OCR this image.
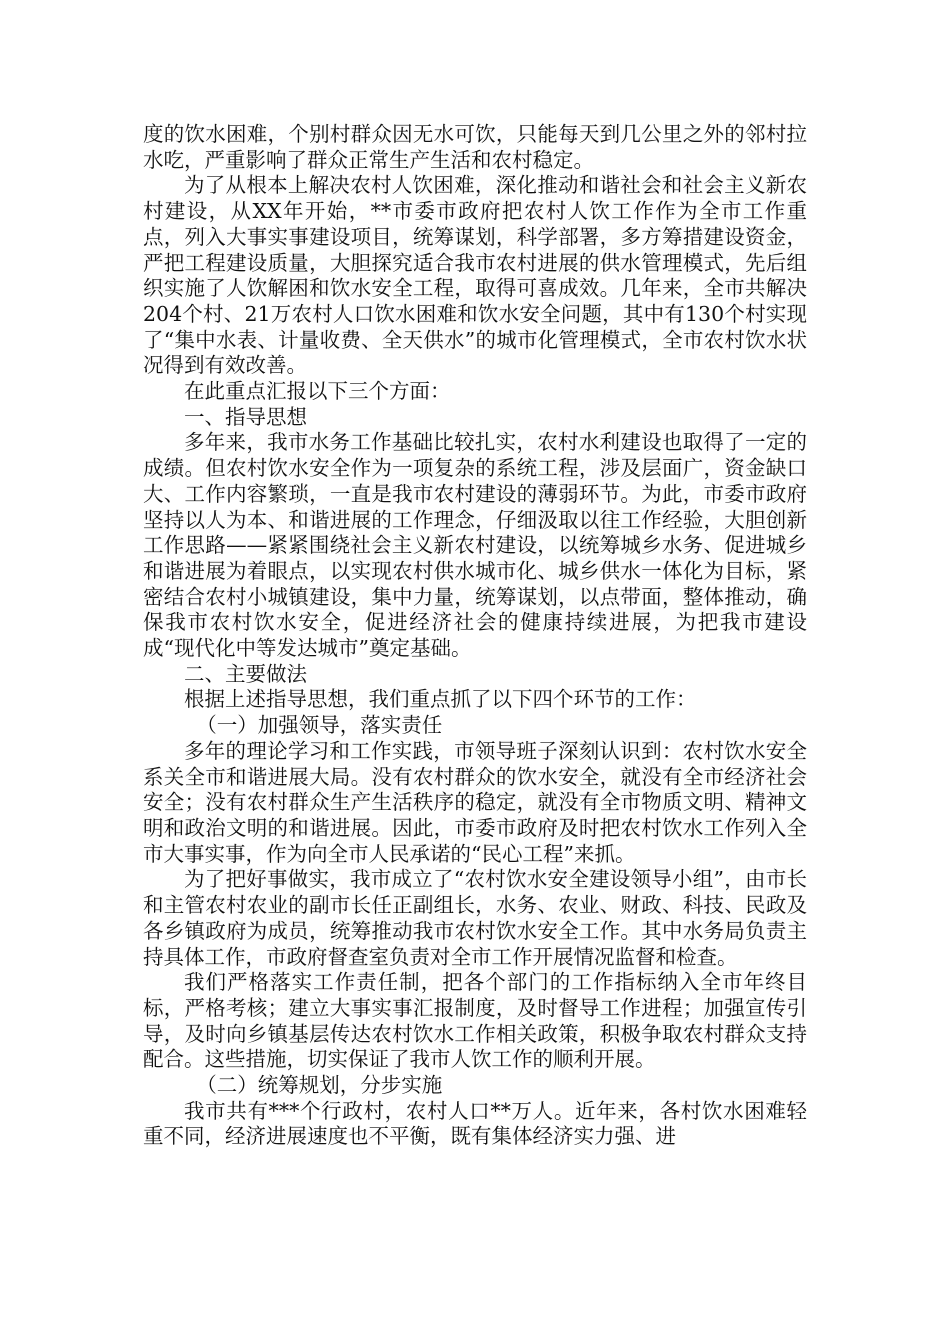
度的饮水困难，个别村群众因无水可饮，只能每天到几公里之外的邻村拉水吃，严重影响了群众正常生产生活和农村稳定。

为了从根本上解决农村人饮困难，深化推动和谐社会和社会主义新农村建设，从XX年开始，**市委市政府把农村人饮工作作为全市工作重点，列入大事实事建设项目，统筹谋划，科学部署，多方筹措建设资金，严把工程建设质量，大胆探究适合我市农村进展的供水管理模式，先后组织实施了人饮解困和饮水安全工程，取得可喜成效。几年来，全市共解决204个村、21万农村人口饮水困难和饮水安全问题，其中有130个村实现了“集中水表、计量收费、全天供水”的城市化管理模式，全市农村饮水状况得到有效改善。

在此重点汇报以下三个方面：

一、指导思想

多年来，我市水务工作基础比较扎实，农村水利建设也取得了一定的成绩。但农村饮水安全作为一项复杂的系统工程，涉及层面广，资金缺口大、工作内容繁琐，一直是我市农村建设的薄弱环节。为此，市委市政府坚持以人为本、和谐进展的工作理念，仔细汲取以往工作经验，大胆创新工作思路——紧紧围绕社会主义新农村建设，以统筹城乡水务、促进城乡和谐进展为着眼点，以实现农村供水城市化、城乡供水一体化为目标，紧密结合农村小城镇建设，集中力量，统筹谋划，以点带面，整体推动，确保我市农村饮水安全，促进经济社会的健康持续进展，为把我市建设成“现代化中等发达城市”奠定基础。

二、主要做法

根据上述指导思想，我们重点抓了以下四个环节的工作：

（一）加强领导，落实责任

多年的理论学习和工作实践，市领导班子深刻认识到：农村饮水安全系关全市和谐进展大局。没有农村群众的饮水安全，就没有全市经济社会安全；没有农村群众生产生活秩序的稳定，就没有全市物质文明、精神文明和政治文明的和谐进展。因此，市委市政府及时把农村饮水工作列入全市大事实事，作为向全市人民承诺的“民心工程”来抓。

为了把好事做实，我市成立了“农村饮水安全建设领导小组”，由市长和主管农村农业的副市长任正副组长，水务、农业、财政、科技、民政及各乡镇政府为成员，统筹推动我市农村饮水安全工作。其中水务局负责主持具体工作，市政府督查室负责对全市工作开展情况监督和检查。

我们严格落实工作责任制，把各个部门的工作指标纳入全市年终目标，严格考核；建立大事实事汇报制度，及时督导工作进程；加强宣传引导，及时向乡镇基层传达农村饮水工作相关政策，积极争取农村群众支持配合。这些措施，切实保证了我市人饮工作的顺利开展。

（二）统筹规划，分步实施

我市共有***个行政村，农村人口**万人。近年来，各村饮水困难轻重不同，经济进展速度也不平衡，既有集体经济实力强、进
